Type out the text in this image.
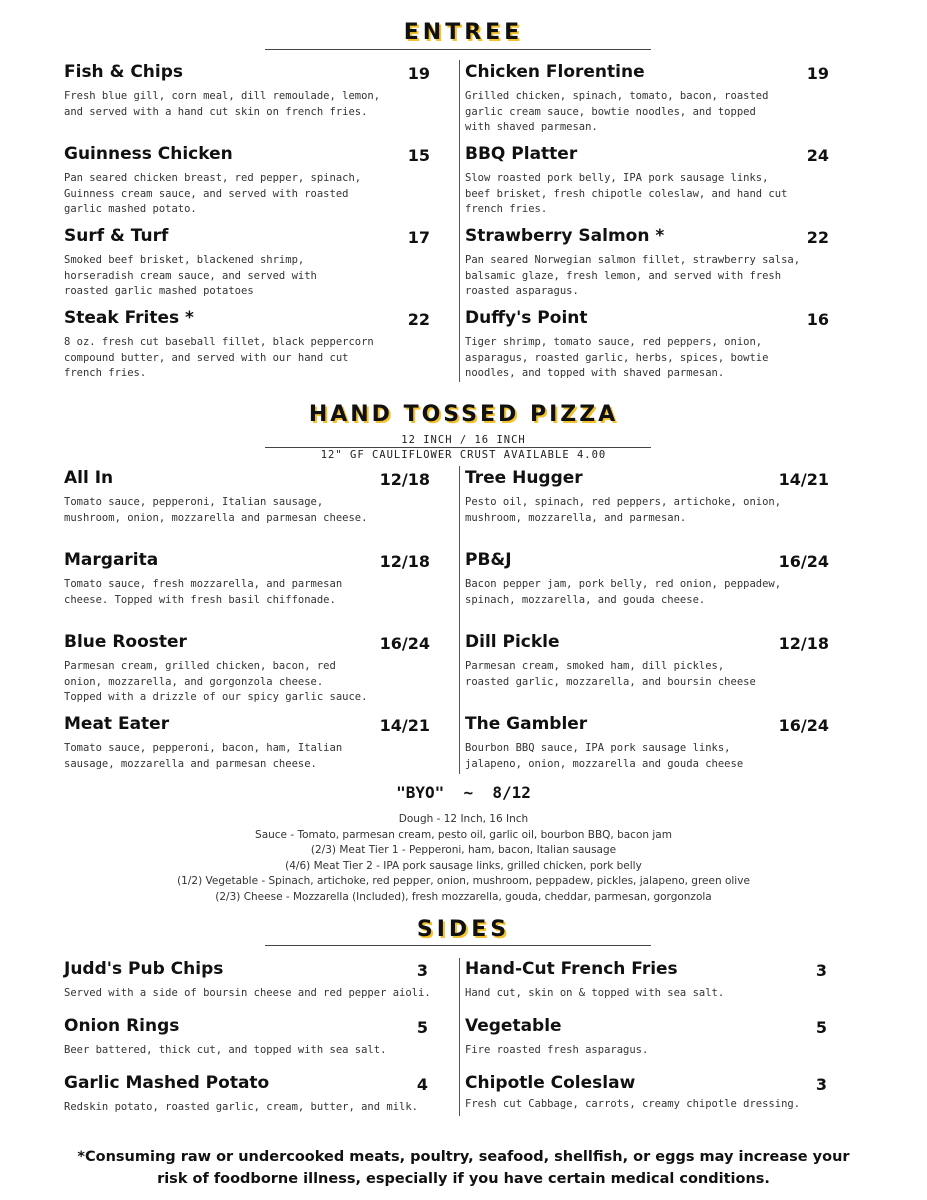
ENTREE
Fish & Chips	19
Fresh blue gill, corn meal, dill remoulade, lemon,
and served with a hand cut skin on french fries.
Guinness Chicken	15
Pan seared chicken breast, red pepper, spinach,
Guinness cream sauce, and served with roasted
garlic mashed potato.
Surf & Turf	17
Smoked beef brisket, blackened shrimp,
horseradish cream sauce, and served with
roasted garlic mashed potatoes
Steak Frites *	22
8 oz. fresh cut baseball fillet, black peppercorn
compound butter, and served with our hand cut
french fries.
Chicken Florentine	19
Grilled chicken, spinach, tomato, bacon, roasted
garlic cream sauce, bowtie noodles, and topped
with shaved parmesan.
BBQ Platter	24
Slow roasted pork belly, IPA pork sausage links,
beef brisket, fresh chipotle coleslaw, and hand cut
french fries.
Strawberry Salmon *	22
Pan seared Norwegian salmon fillet, strawberry salsa,
balsamic glaze, fresh lemon, and served with fresh
roasted asparagus.
Duffy's Point	16
Tiger shrimp, tomato sauce, red peppers, onion,
asparagus, roasted garlic, herbs, spices, bowtie
noodles, and topped with shaved parmesan.
HAND TOSSED PIZZA
12 INCH / 16 INCH
12" GF CAULIFLOWER CRUST AVAILABLE 4.00
All In	12/18
Tomato sauce, pepperoni, Italian sausage,
mushroom, onion, mozzarella and parmesan cheese.
Margarita	12/18
Tomato sauce, fresh mozzarella, and parmesan
cheese. Topped with fresh basil chiffonade.
Blue Rooster	16/24
Parmesan cream, grilled chicken, bacon, red
onion, mozzarella, and gorgonzola cheese.
Topped with a drizzle of our spicy garlic sauce.
Meat Eater	14/21
Tomato sauce, pepperoni, bacon, ham, Italian
sausage, mozzarella and parmesan cheese.
Tree Hugger	14/21
Pesto oil, spinach, red peppers, artichoke, onion,
mushroom, mozzarella, and parmesan.
PB&J	16/24
Bacon pepper jam, pork belly, red onion, peppadew,
spinach, mozzarella, and gouda cheese.
Dill Pickle	12/18
Parmesan cream, smoked ham, dill pickles,
roasted garlic, mozzarella, and boursin cheese
The Gambler	16/24
Bourbon BBQ sauce, IPA pork sausage links,
jalapeno, onion, mozzarella and gouda cheese
"BYO"  ~  8/12
Dough - 12 Inch, 16 Inch
Sauce - Tomato, parmesan cream, pesto oil, garlic oil, bourbon BBQ, bacon jam
(2/3) Meat Tier 1 - Pepperoni, ham, bacon, Italian sausage
(4/6) Meat Tier 2 - IPA pork sausage links, grilled chicken, pork belly
(1/2) Vegetable - Spinach, artichoke, red pepper, onion, mushroom, peppadew, pickles, jalapeno, green olive
(2/3) Cheese - Mozzarella (Included), fresh mozzarella, gouda, cheddar, parmesan, gorgonzola
SIDES
Judd's Pub Chips	3
Served with a side of boursin cheese and red pepper aioli.
Onion Rings	5
Beer battered, thick cut, and topped with sea salt.
Garlic Mashed Potato	4
Redskin potato, roasted garlic, cream, butter, and milk.
Hand-Cut French Fries	3
Hand cut, skin on & topped with sea salt.
Vegetable	5
Fire roasted fresh asparagus.
Chipotle Coleslaw	3
Fresh cut Cabbage, carrots, creamy chipotle dressing.
*Consuming raw or undercooked meats, poultry, seafood, shellfish, or eggs may increase your
risk of foodborne illness, especially if you have certain medical conditions.
